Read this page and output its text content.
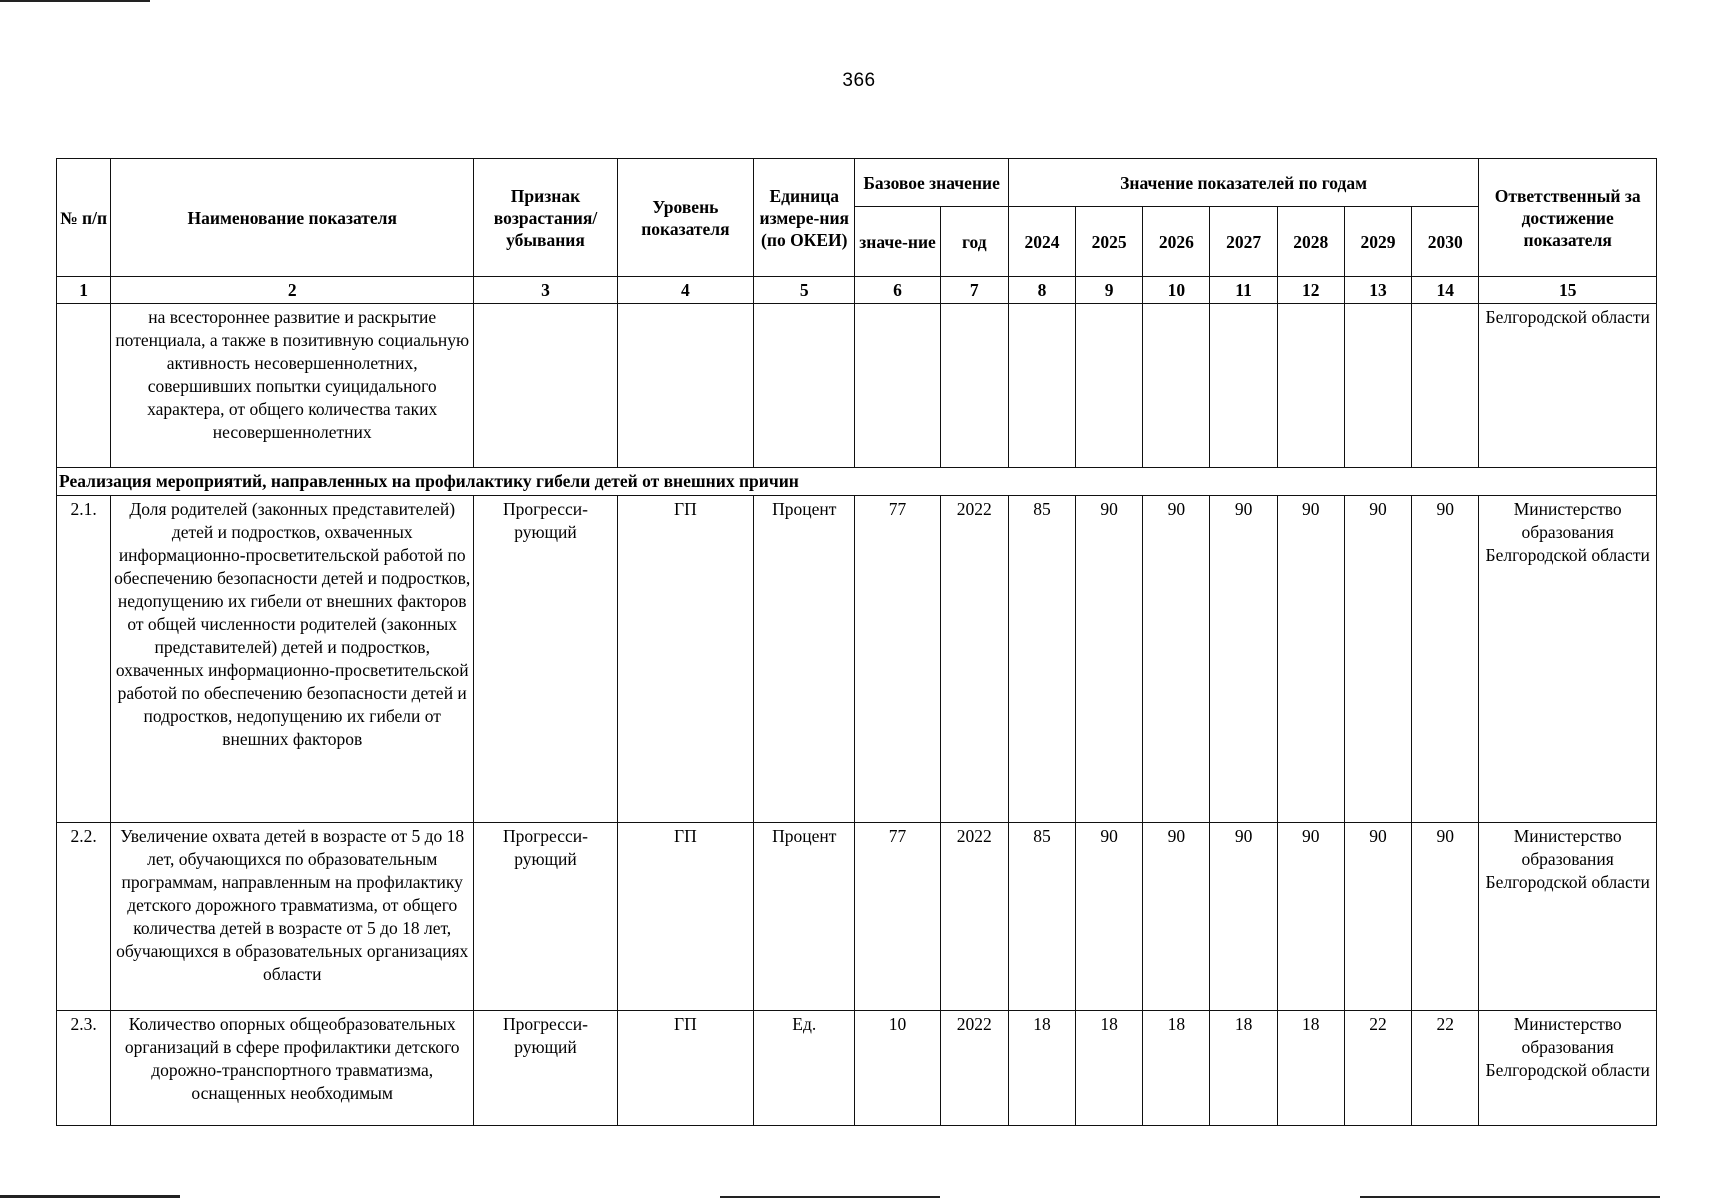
366
№ п/п	Наименование показателя	Признак возрастания/ убывания	Уровень показателя	Единица измере-ния (по ОКЕИ)	Базовое значение		Значение показателей по годам							Ответственный за достижение показателя
					значе-ние	год	2024	2025	2026	2027	2028	2029	2030	
1	2	3	4	5	6	7	8	9	10	11	12	13	14	15
	на всестороннее развитие и раскрытие потенциала, а также в позитивную социальную активность несовершеннолетних, совершивших попытки суицидального характера, от общего количества таких несовершеннолетних													Белгородской области
Реализация мероприятий, направленных на профилактику гибели детей от внешних причин														
2.1.	Доля родителей (законных представителей) детей и подростков, охваченных информационно-просветительской работой по обеспечению безопасности детей и подростков, недопущению их гибели от внешних факторов от общей численности родителей (законных представителей) детей и подростков, охваченных информационно-просветительской работой по обеспечению безопасности детей и подростков, недопущению их гибели от внешних факторов	Прогресси-рующий	ГП	Процент	77	2022	85	90	90	90	90	90	90	Министерство образования Белгородской области
2.2.	Увеличение охвата детей в возрасте от 5 до 18 лет, обучающихся по образовательным программам, направленным на профилактику детского дорожного травматизма, от общего количества детей в возрасте от 5 до 18 лет, обучающихся в образовательных организациях области	Прогресси-рующий	ГП	Процент	77	2022	85	90	90	90	90	90	90	Министерство образования Белгородской области
2.3.	Количество опорных общеобразовательных организаций в сфере профилактики детского дорожно-транспортного травматизма, оснащенных необходимым	Прогресси-рующий	ГП	Ед.	10	2022	18	18	18	18	18	22	22	Министерство образования Белгородской области
